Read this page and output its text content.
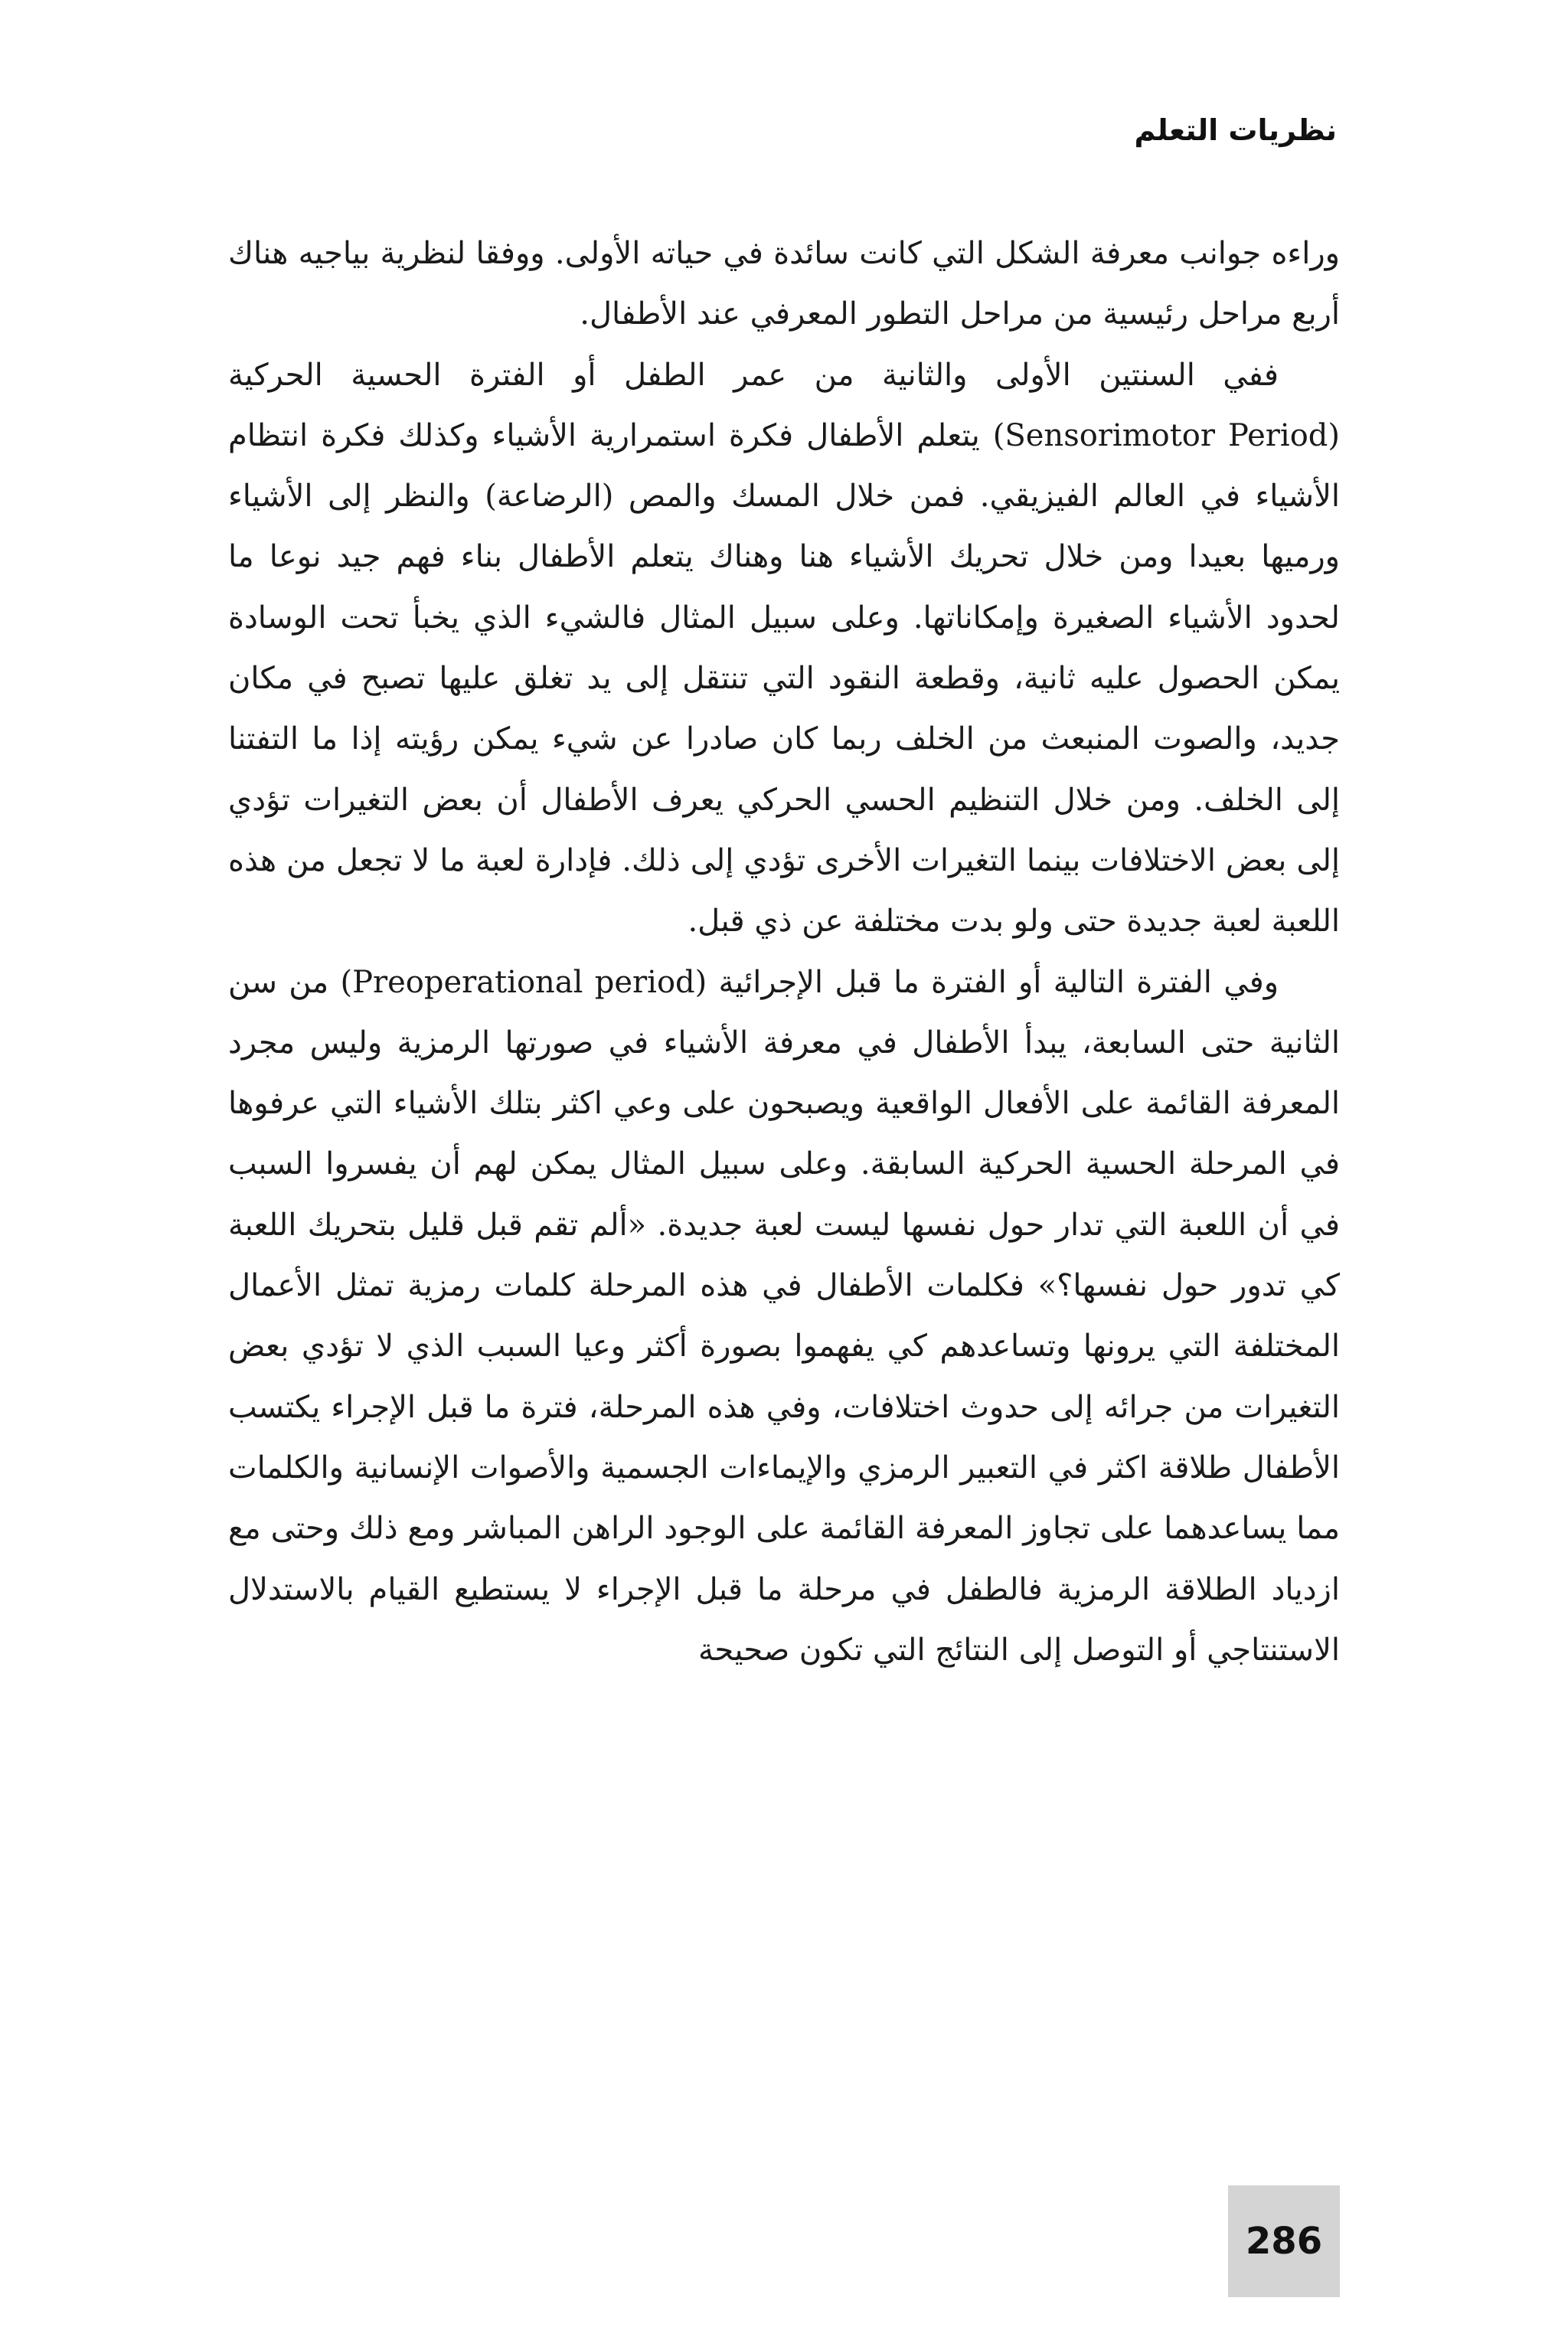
نظريات التعلم

وراءه جوانب معرفة الشكل التي كانت سائدة في حياته الأولى. ووفقا لنظرية بياجيه هناك أربع مراحل رئيسية من مراحل التطور المعرفي عند الأطفال.

ففي السنتين الأولى والثانية من عمر الطفل أو الفترة الحسية الحركية (Sensorimotor Period) يتعلم الأطفال فكرة استمرارية الأشياء وكذلك فكرة انتظام الأشياء في العالم الفيزيقي. فمن خلال المسك والمص (الرضاعة) والنظر إلى الأشياء ورميها بعيدا ومن خلال تحريك الأشياء هنا وهناك يتعلم الأطفال بناء فهم جيد نوعا ما لحدود الأشياء الصغيرة وإمكاناتها. وعلى سبيل المثال فالشيء الذي يخبأ تحت الوسادة يمكن الحصول عليه ثانية، وقطعة النقود التي تنتقل إلى يد تغلق عليها تصبح في مكان جديد، والصوت المنبعث من الخلف ربما كان صادرا عن شيء يمكن رؤيته إذا ما التفتنا إلى الخلف. ومن خلال التنظيم الحسي الحركي يعرف الأطفال أن بعض التغيرات تؤدي إلى بعض الاختلافات بينما التغيرات الأخرى تؤدي إلى ذلك. فإدارة لعبة ما لا تجعل من هذه اللعبة لعبة جديدة حتى ولو بدت مختلفة عن ذي قبل.

وفي الفترة التالية أو الفترة ما قبل الإجرائية (Preoperational period) من سن الثانية حتى السابعة، يبدأ الأطفال في معرفة الأشياء في صورتها الرمزية وليس مجرد المعرفة القائمة على الأفعال الواقعية ويصبحون على وعي اكثر بتلك الأشياء التي عرفوها في المرحلة الحسية الحركية السابقة. وعلى سبيل المثال يمكن لهم أن يفسروا السبب في أن اللعبة التي تدار حول نفسها ليست لعبة جديدة. «ألم تقم قبل قليل بتحريك اللعبة كي تدور حول نفسها؟» فكلمات الأطفال في هذه المرحلة كلمات رمزية تمثل الأعمال المختلفة التي يرونها وتساعدهم كي يفهموا بصورة أكثر وعيا السبب الذي لا تؤدي بعض التغيرات من جرائه إلى حدوث اختلافات، وفي هذه المرحلة، فترة ما قبل الإجراء يكتسب الأطفال طلاقة اكثر في التعبير الرمزي والإيماءات الجسمية والأصوات الإنسانية والكلمات مما يساعدهما على تجاوز المعرفة القائمة على الوجود الراهن المباشر ومع ذلك وحتى مع ازدياد الطلاقة الرمزية فالطفل في مرحلة ما قبل الإجراء لا يستطيع القيام بالاستدلال الاستنتاجي أو التوصل إلى النتائج التي تكون صحيحة

286
